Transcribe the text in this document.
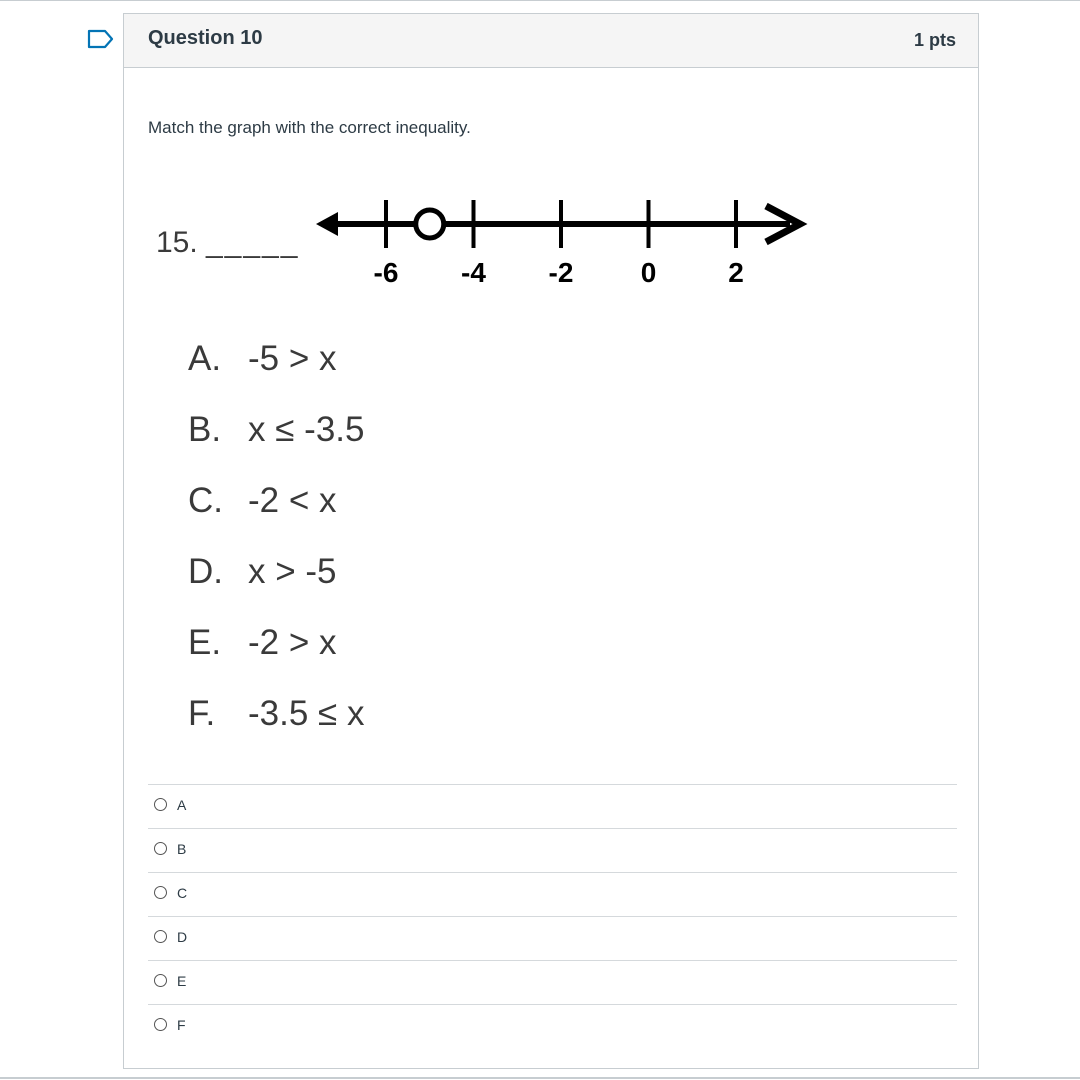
Question 10	1 pts
Match the graph with the correct inequality.
15. _____
-6 -4 -2 0	2
A. -5 > x
B. x ≤ -3.5
C. -2 < x
D. x > -5
E. -2 > x
F. -3.5 ≤ x
A
B
C
D
E
F
